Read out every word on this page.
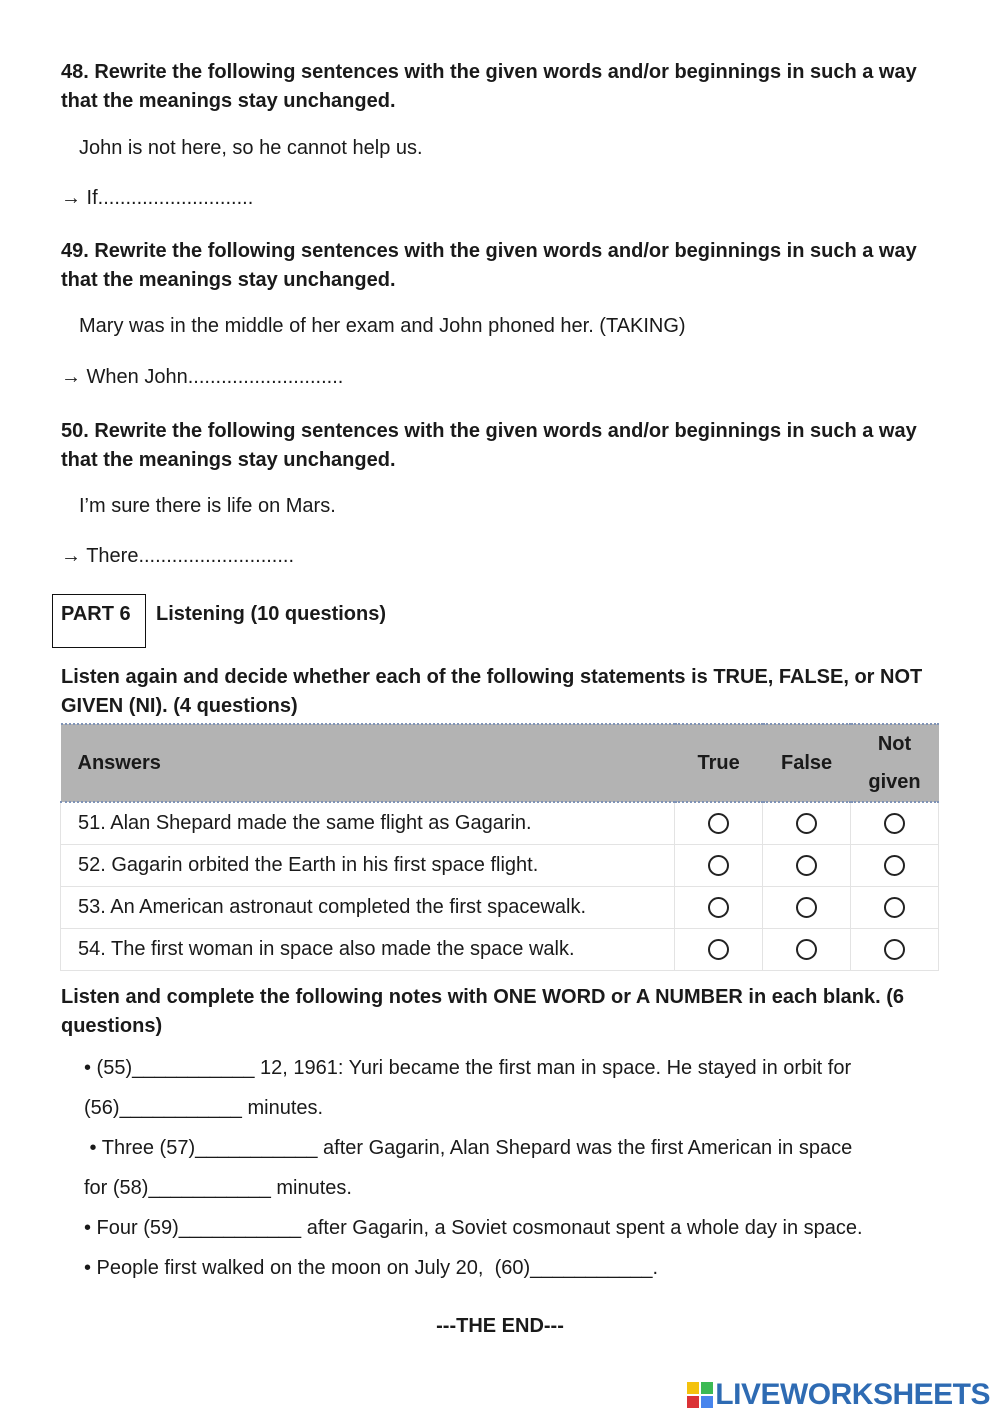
48. Rewrite the following sentences with the given words and/or beginnings in such a way that the meanings stay unchanged.
John is not here, so he cannot help us.
→ If............................
49. Rewrite the following sentences with the given words and/or beginnings in such a way that the meanings stay unchanged.
Mary was in the middle of her exam and John phoned her. (TAKING)
→ When John............................
50. Rewrite the following sentences with the given words and/or beginnings in such a way that the meanings stay unchanged.
I’m sure there is life on Mars.
→ There............................
PART 6 Listening (10 questions)
Listen again and decide whether each of the following statements is TRUE, FALSE, or NOT GIVEN (NI). (4 questions)
Answers	True	False	Not
given
51. Alan Shepard made the same flight as Gagarin.			
52. Gagarin orbited the Earth in his first space flight.			
53. An American astronaut completed the first spacewalk.			
54. The first woman in space also made the space walk.			
Listen and complete the following notes with ONE WORD or A NUMBER in each blank. (6 questions)
• (55)___________ 12, 1961: Yuri became the first man in space. He stayed in orbit for
(56)___________ minutes.
• Three (57)___________ after Gagarin, Alan Shepard was the first American in space
for (58)___________ minutes.
• Four (59)___________ after Gagarin, a Soviet cosmonaut spent a whole day in space.
• People first walked on the moon on July 20,  (60)___________.
---THE END---
LIVEWORKSHEETS
